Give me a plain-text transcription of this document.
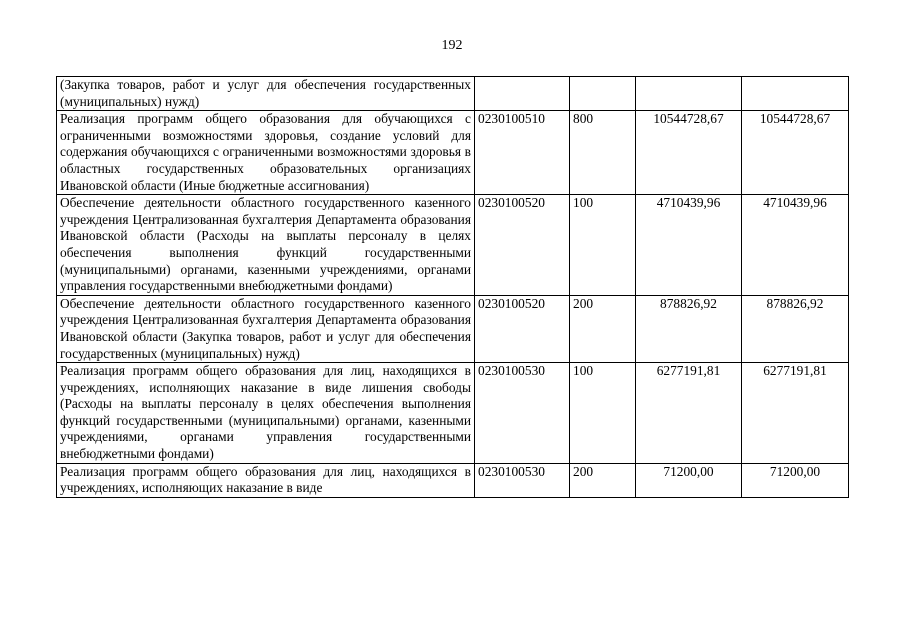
192
(Закупка товаров, работ и услуг для обеспечения государственных (муниципальных) нужд)				
Реализация программ общего образования для обучающихся с ограниченными возможностями здоровья, создание условий для содержания обучающихся с ограниченными возможностями здоровья в областных государственных образовательных организациях Ивановской области (Иные бюджетные ассигнования)	0230100510	800	10544728,67	10544728,67
Обеспечение деятельности областного государственного казенного учреждения Централизованная бухгалтерия Департамента образования Ивановской области (Расходы на выплаты персоналу в целях обеспечения выполнения функций государственными (муниципальными) органами, казенными учреждениями, органами управления государственными внебюджетными фондами)	0230100520	100	4710439,96	4710439,96
Обеспечение деятельности областного государственного казенного учреждения Централизованная бухгалтерия Департамента образования Ивановской области (Закупка товаров, работ и услуг для обеспечения государственных (муниципальных) нужд)	0230100520	200	878826,92	878826,92
Реализация программ общего образования для лиц, находящихся в учреждениях, исполняющих наказание в виде лишения свободы (Расходы на выплаты персоналу в целях обеспечения выполнения функций государственными (муниципальными) органами, казенными учреждениями, органами управления государственными внебюджетными фондами)	0230100530	100	6277191,81	6277191,81
Реализация программ общего образования для лиц, находящихся в учреждениях, исполняющих наказание в виде	0230100530	200	71200,00	71200,00
